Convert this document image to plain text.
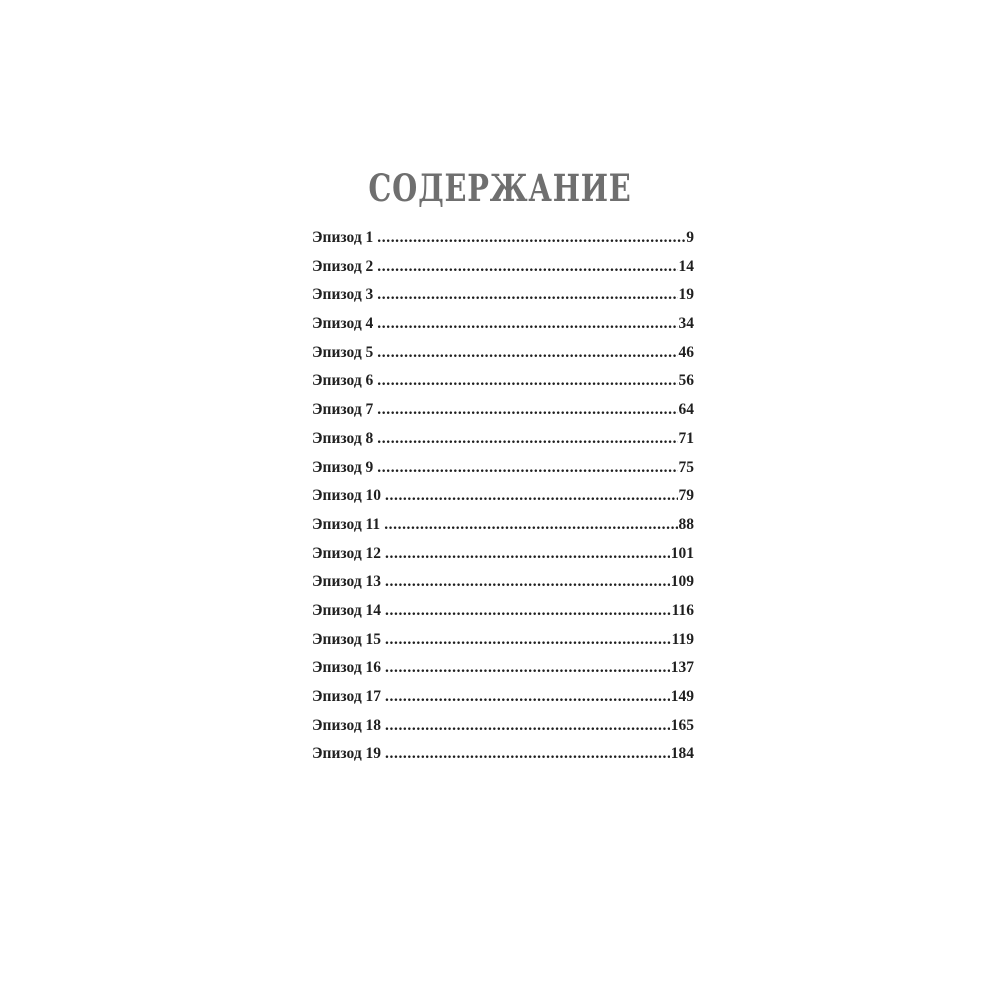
СОДЕРЖАНИЕ
Эпизод 1 .....	9
Эпизод 2 .....	14
Эпизод 3 .....	19
Эпизод 4 .....	34
Эпизод 5 .....	46
Эпизод 6 .....	56
Эпизод 7 .....	64
Эпизод 8 .....	71
Эпизод 9 .....	75
Эпизод 10 .....	79
Эпизод 11 .....	88
Эпизод 12 .....	101
Эпизод 13 .....	109
Эпизод 14 .....	116
Эпизод 15 .....	119
Эпизод 16 .....	137
Эпизод 17 .....	149
Эпизод 18 .....	165
Эпизод 19 .....	184
